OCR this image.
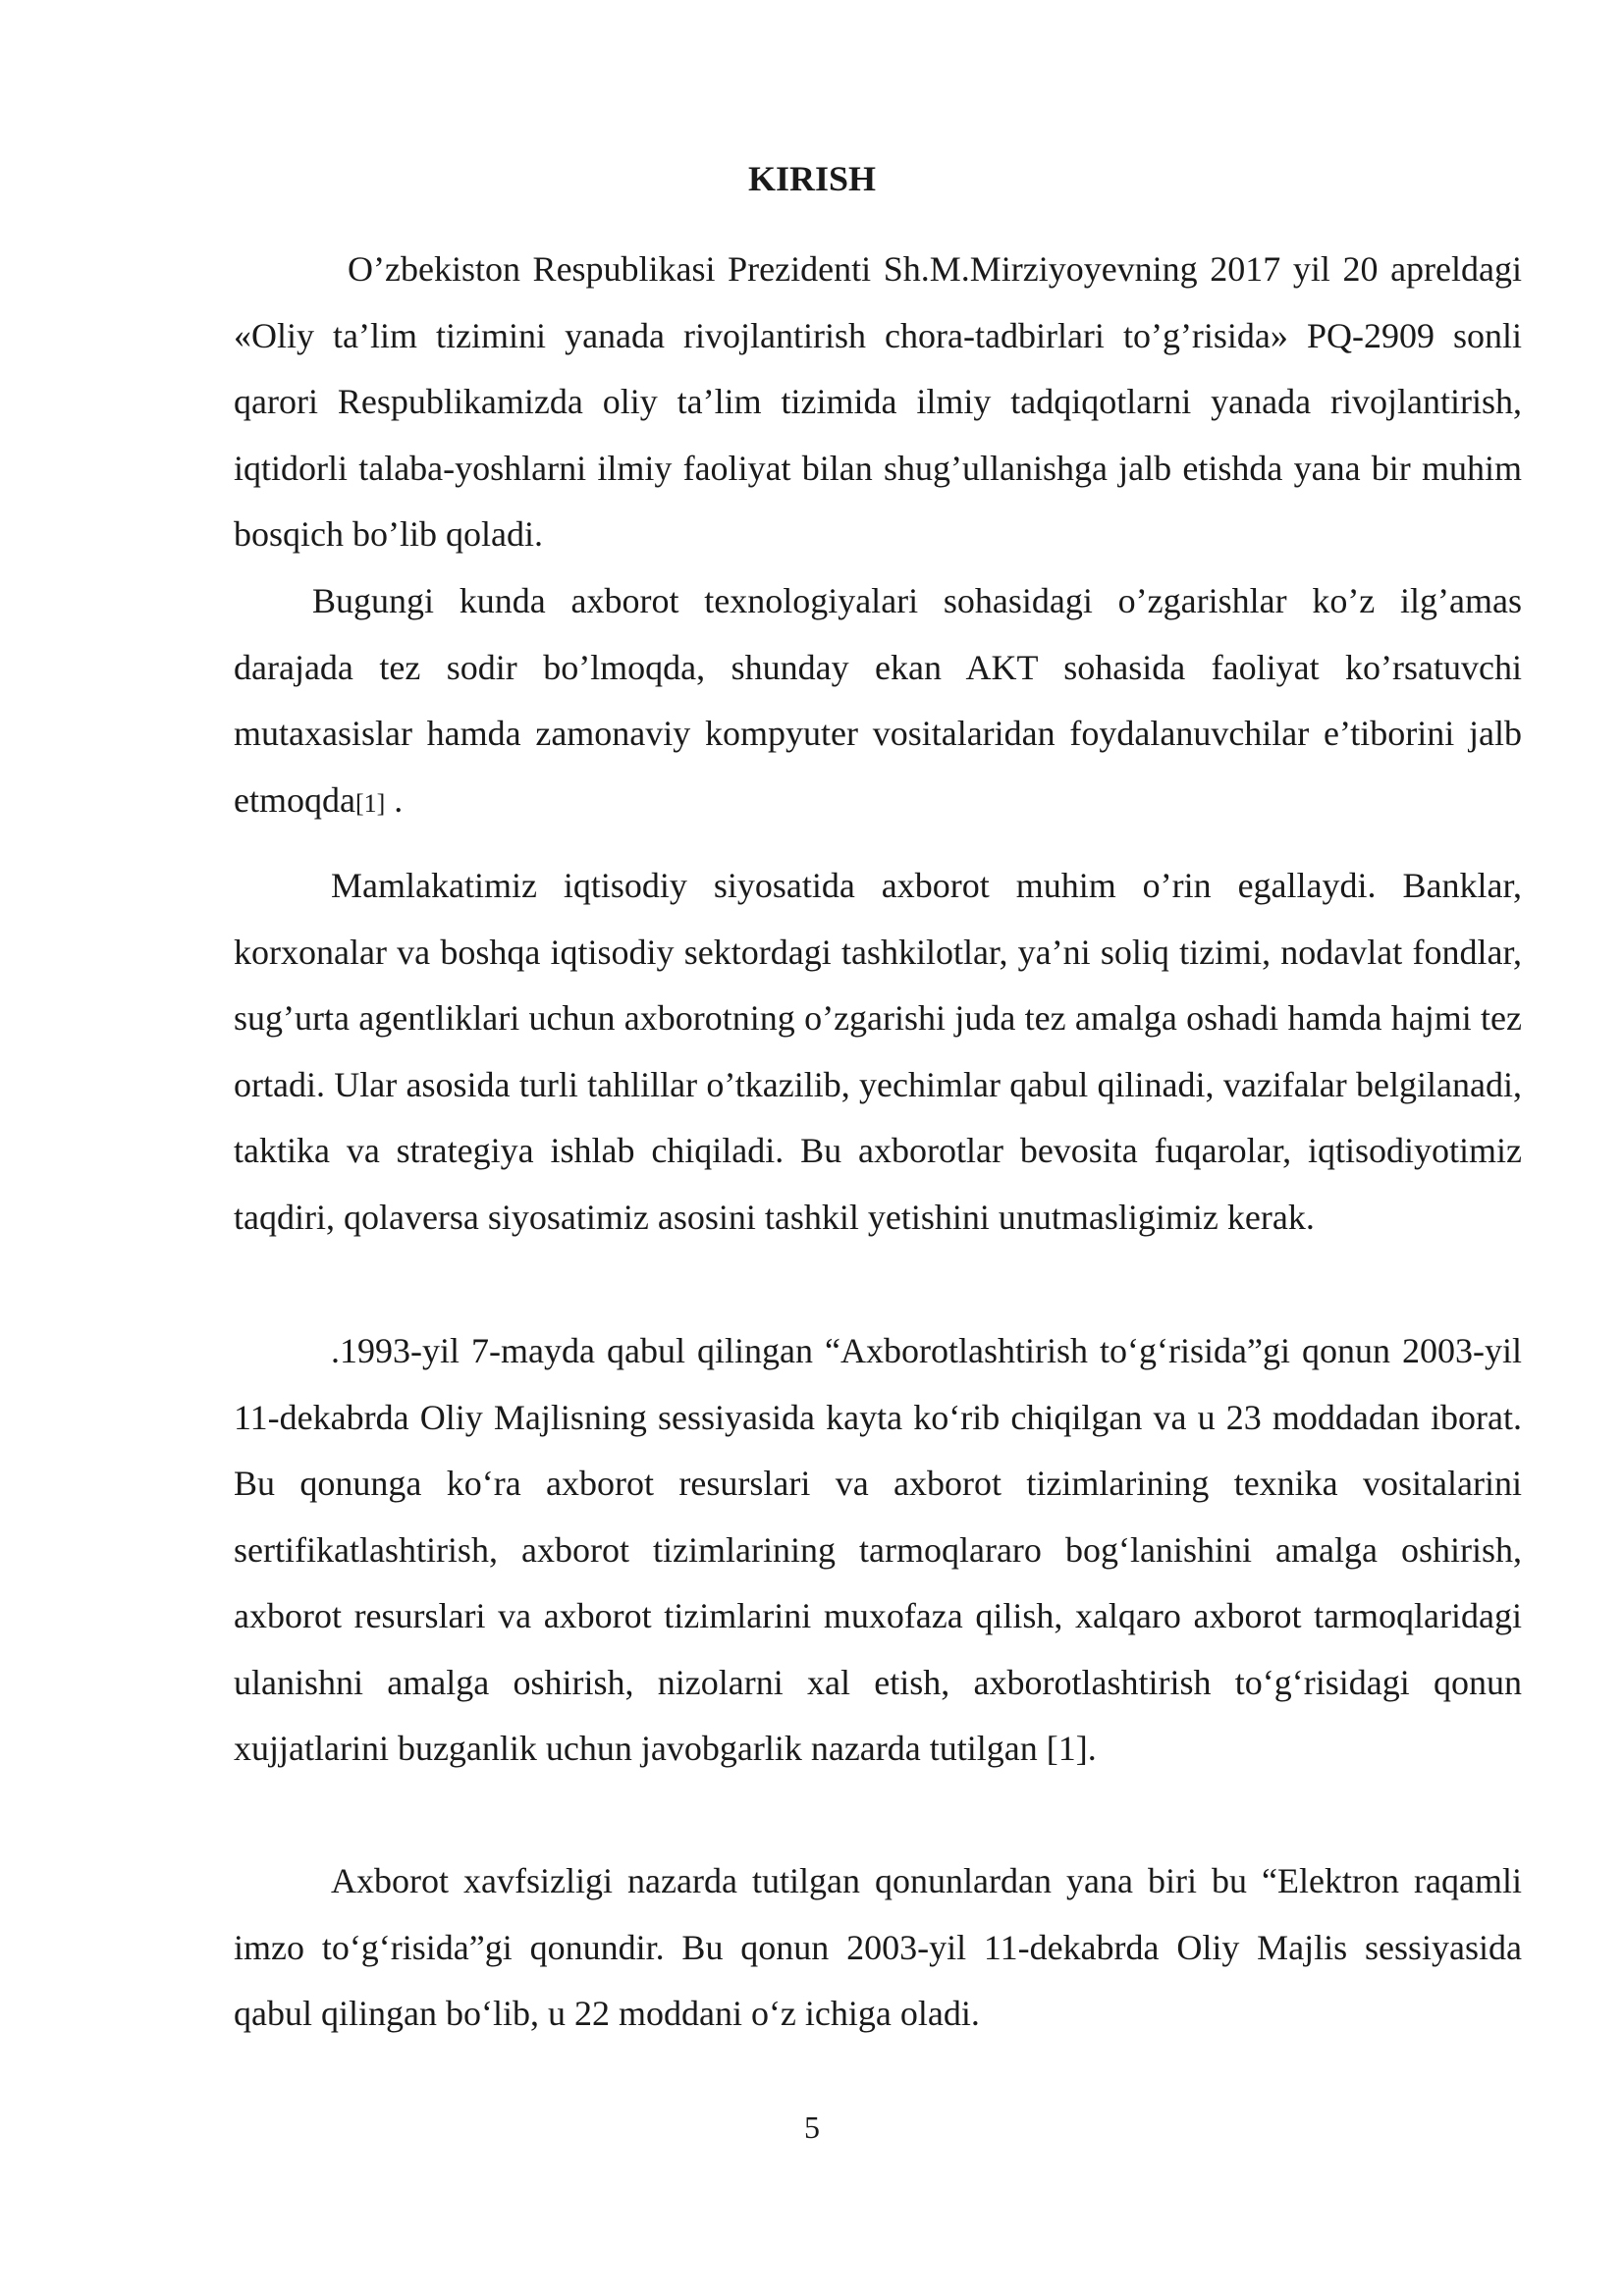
KIRISH

O’zbekiston Respublikasi Prezidenti Sh.M.Mirziyoyevning 2017 yil 20 apreldagi «Oliy ta’lim tizimini yanada rivojlantirish chora-tadbirlari to’g’risida» PQ-2909 sonli qarori Respublikamizda oliy ta’lim tizimida ilmiy tadqiqotlarni yanada rivojlantirish, iqtidorli talaba-yoshlarni ilmiy faoliyat bilan shug’ullanishga jalb etishda yana bir muhim bosqich bo’lib qoladi.

Bugungi kunda axborot texnologiyalari sohasidagi o’zgarishlar ko’z ilg’amas darajada tez sodir bo’lmoqda, shunday ekan AKT sohasida faoliyat ko’rsatuvchi mutaxasislar hamda zamonaviy kompyuter vositalaridan foydalanuvchilar e’tiborini jalb etmoqda[1] .

Mamlakatimiz iqtisodiy siyosatida axborot muhim o’rin egallaydi. Banklar, korxonalar va boshqa iqtisodiy sektordagi tashkilotlar, ya’ni soliq tizimi, nodavlat fondlar, sug’urta agentliklari uchun axborotning o’zgarishi juda tez amalga oshadi hamda hajmi tez ortadi. Ular asosida turli tahlillar o’tkazilib, yechimlar qabul qilinadi, vazifalar belgilanadi, taktika va strategiya ishlab chiqiladi. Bu axborotlar bevosita fuqarolar, iqtisodiyotimiz taqdiri, qolaversa siyosatimiz asosini tashkil yetishini unutmasligimiz kerak.

.1993-yil 7-mayda qabul qilingan “Axborotlashtirish to‘g‘risida”gi qonun 2003-yil 11-dekabrda Oliy Majlisning sessiyasida kayta ko‘rib chiqilgan va u 23 moddadan iborat. Bu qonunga ko‘ra axborot resurslari va axborot tizimlarining texnika vositalarini sertifikatlashtirish, axborot tizimlarining tarmoqlararo bog‘lanishini amalga oshirish, axborot resurslari va axborot tizimlarini muxofaza qilish, xalqaro axborot tarmoqlaridagi ulanishni amalga oshirish, nizolarni xal etish, axborotlashtirish to‘g‘risidagi qonun xujjatlarini buzganlik uchun javobgarlik nazarda tutilgan [1].

Axborot xavfsizligi nazarda tutilgan qonunlardan yana biri bu “Elektron raqamli imzo to‘g‘risida”gi qonundir. Bu qonun 2003-yil 11-dekabrda Oliy Majlis sessiyasida qabul qilingan bo‘lib, u 22 moddani o‘z ichiga oladi.

5
